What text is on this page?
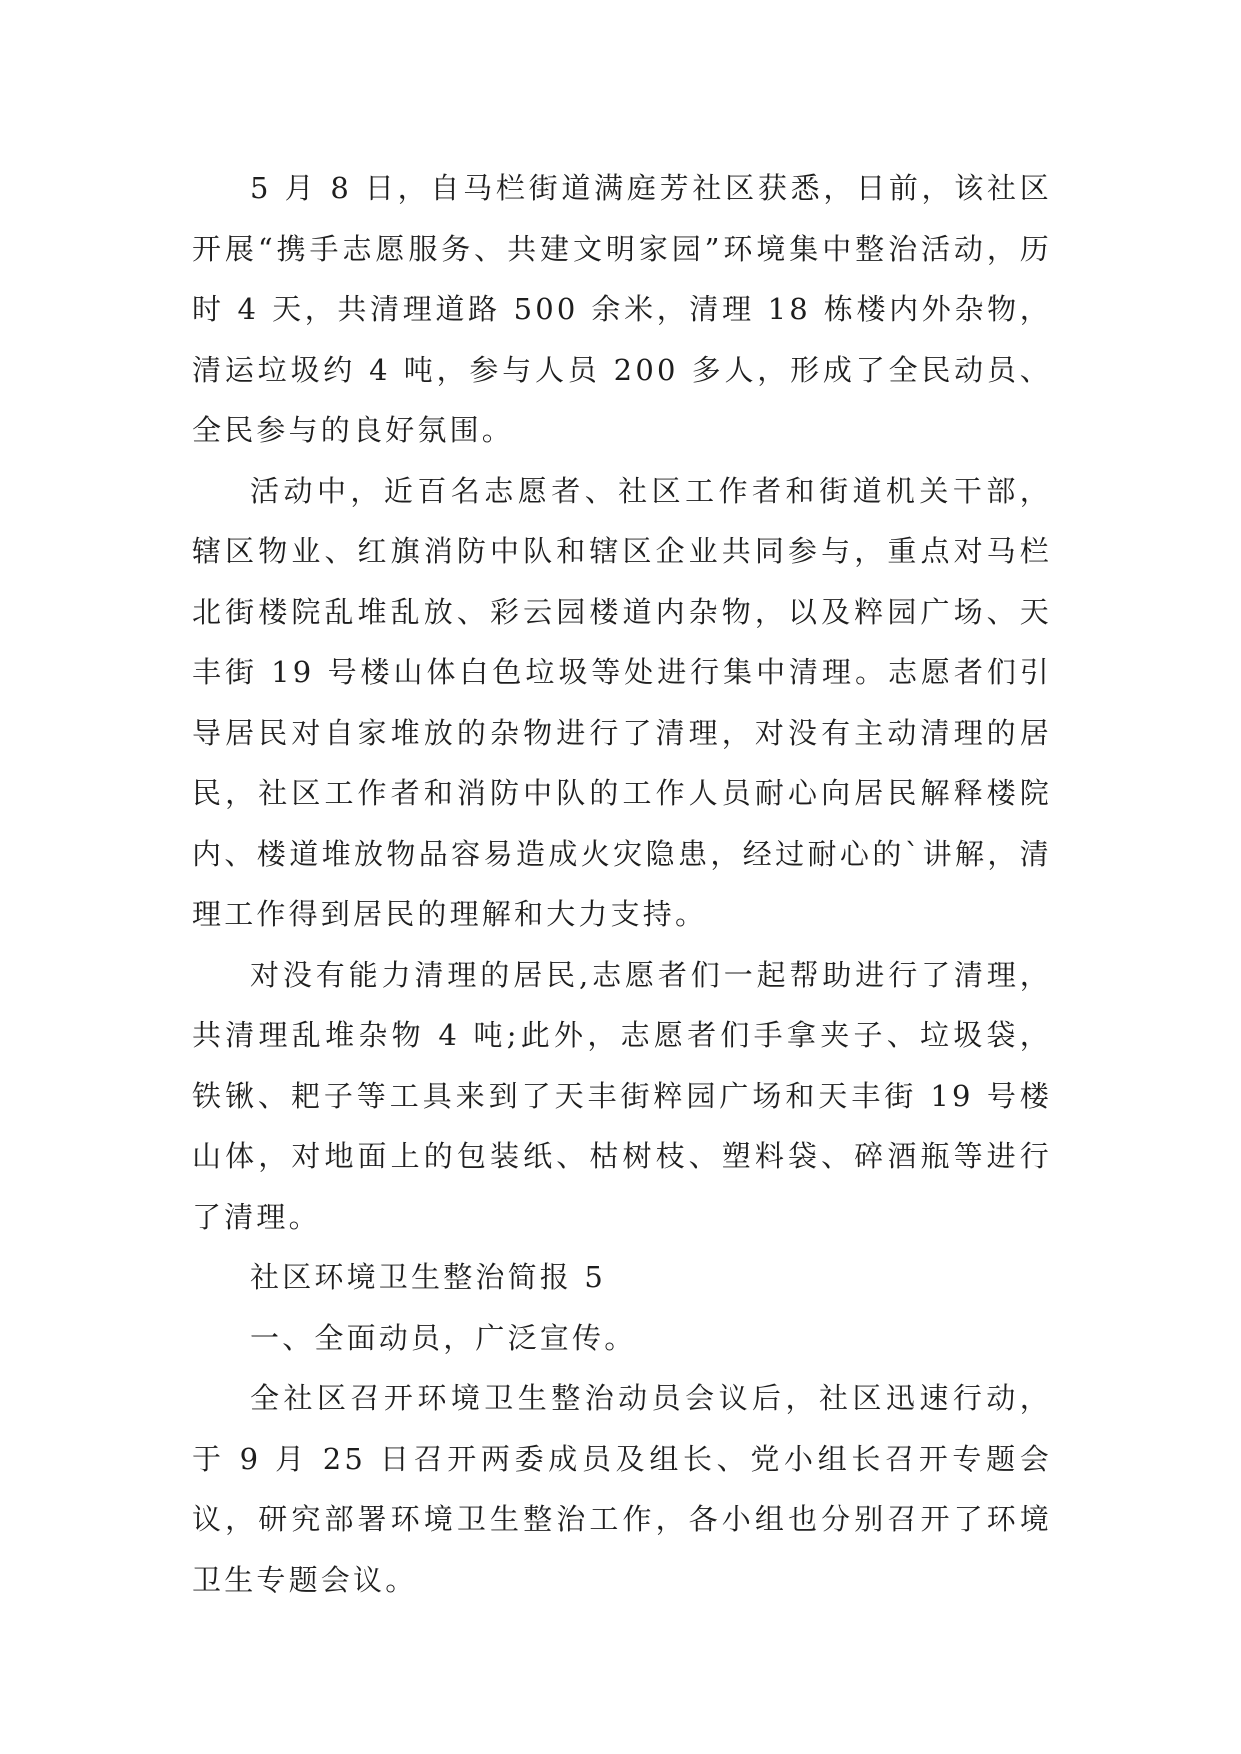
5 月 8 日，自马栏街道满庭芳社区获悉，日前，该社区开展“携手志愿服务、共建文明家园”环境集中整治活动，历时 4 天，共清理道路 500 余米，清理 18 栋楼内外杂物，清运垃圾约 4 吨，参与人员 200 多人，形成了全民动员、全民参与的良好氛围。

活动中，近百名志愿者、社区工作者和街道机关干部，辖区物业、红旗消防中队和辖区企业共同参与，重点对马栏北街楼院乱堆乱放、彩云园楼道内杂物，以及粹园广场、天丰街 19 号楼山体白色垃圾等处进行集中清理。志愿者们引导居民对自家堆放的杂物进行了清理，对没有主动清理的居民，社区工作者和消防中队的工作人员耐心向居民解释楼院内、楼道堆放物品容易造成火灾隐患，经过耐心的`讲解，清理工作得到居民的理解和大力支持。

对没有能力清理的居民,志愿者们一起帮助进行了清理，共清理乱堆杂物 4 吨;此外，志愿者们手拿夹子、垃圾袋，铁锹、耙子等工具来到了天丰街粹园广场和天丰街 19 号楼山体，对地面上的包装纸、枯树枝、塑料袋、碎酒瓶等进行了清理。

社区环境卫生整治简报 5

一、全面动员，广泛宣传。

全社区召开环境卫生整治动员会议后，社区迅速行动，于 9 月 25 日召开两委成员及组长、党小组长召开专题会议，研究部署环境卫生整治工作，各小组也分别召开了环境卫生专题会议。
